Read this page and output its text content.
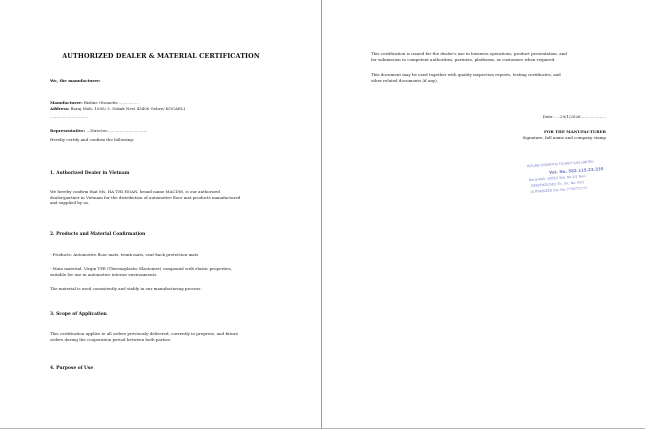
AUTHORIZED DEALER & MATERIAL CERTIFICATION
We, the manufacturer:

Manufacturer: Rizline Otomotiv.................

Address: Baraj Mah. 1005/ 3. Sokak Nevi 43400 Gebze/ KOCAELI

..............................

Representative: ...Director................................

Hereby certify and confirm the following:
1. Authorized Dealer in Vietnam
We hereby confirm that Ms. HA THI HOAN, brand name MACDM, is our authorized
dealer/partner in Vietnam for the distribution of automotive floor mat products manufactured
and supplied by us.
2. Products and Material Confirmation
- Products: Automotive floor mats, trunk mats, seat-back protection mats
- Main material: Virgin TPE (Thermoplastic Elastomer) compound with elastic properties,
suitable for use in automotive interior environments.
The material is used consistently and stably in our manufacturing process.
3. Scope of Application
This certification applies to all orders previously delivered, currently in progress, and future
orders during the cooperation period between both parties.
4. Purpose of Use
This certification is issued for the dealer's use in business operations, product presentation, and
for submission to competent authorities, partners, platforms, or customers when required.
This document may be used together with quality inspection reports, testing certificates, and
other related documents (if any).
Date: ....29/1/2026....................
FOR THE MANUFACTURER
Signature, full name and company stamp
RIZLINE OTOMOTIV TICARET SAN.LIMITED
Vat. No. 582.115.23.335
Baraj Mah. 1005/2 Sok. No:2/1 Nevi
GEBZE/KOCAELI Tic. Sic. No: 43/1
AUTHORIZED V.D. No: 7730771773
